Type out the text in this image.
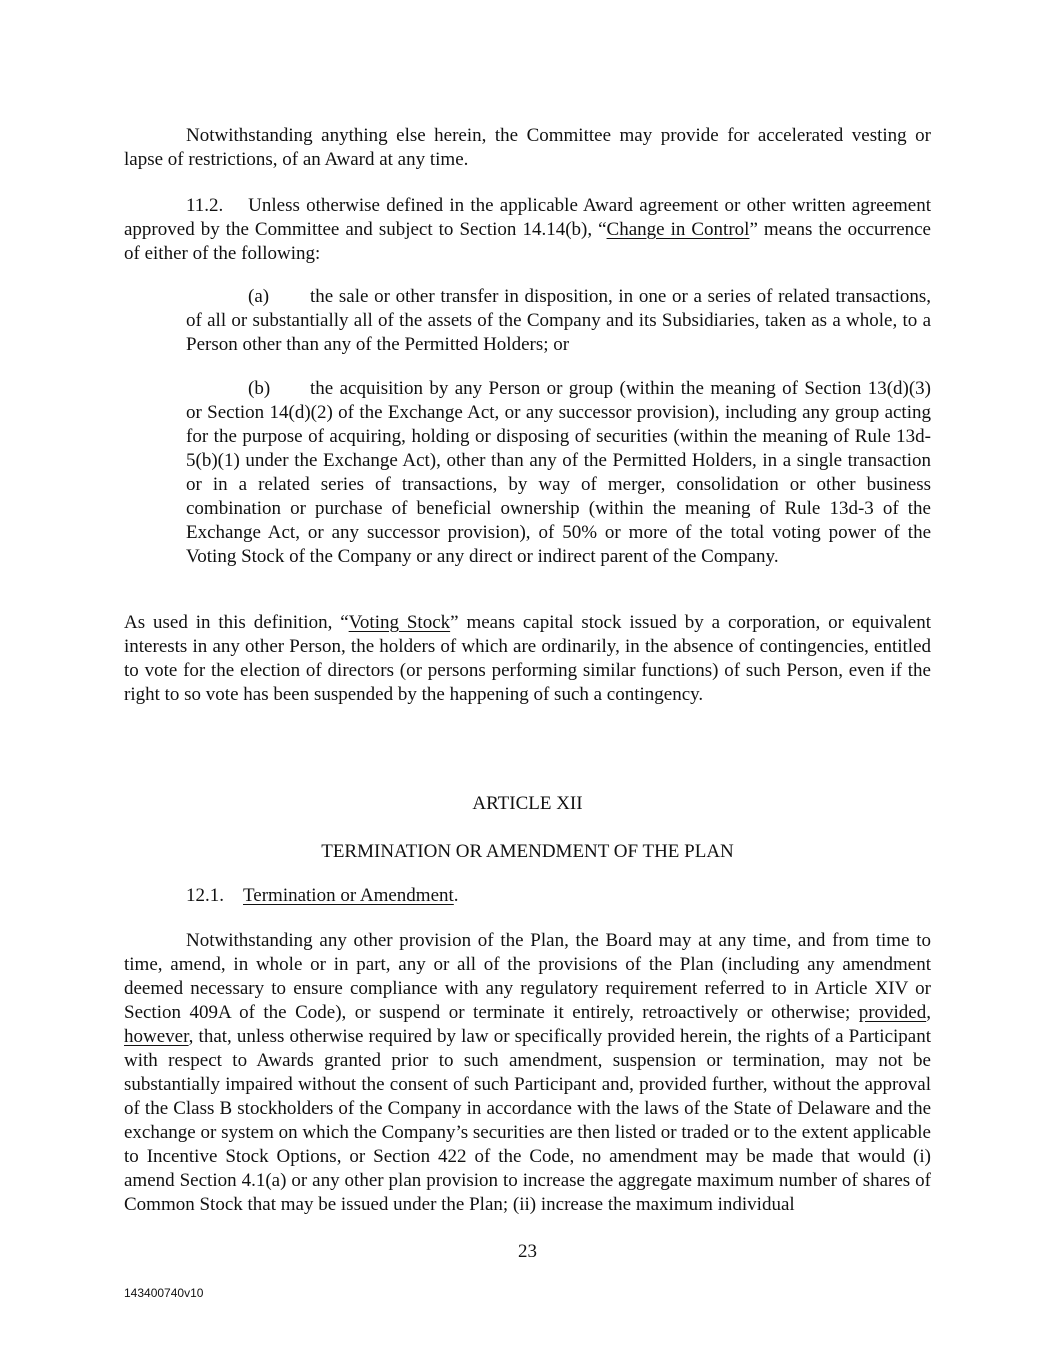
Notwithstanding anything else herein, the Committee may provide for accelerated vesting or lapse of restrictions, of an Award at any time.

11.2. Unless otherwise defined in the applicable Award agreement or other written agreement approved by the Committee and subject to Section 14.14(b), “Change in Control” means the occurrence of either of the following:

(a) the sale or other transfer in disposition, in one or a series of related transactions, of all or substantially all of the assets of the Company and its Subsidiaries, taken as a whole, to a Person other than any of the Permitted Holders; or

(b) the acquisition by any Person or group (within the meaning of Section 13(d)(3) or Section 14(d)(2) of the Exchange Act, or any successor provision), including any group acting for the purpose of acquiring, holding or disposing of securities (within the meaning of Rule 13d-5(b)(1) under the Exchange Act), other than any of the Permitted Holders, in a single transaction or in a related series of transactions, by way of merger, consolidation or other business combination or purchase of beneficial ownership (within the meaning of Rule 13d-3 of the Exchange Act, or any successor provision), of 50% or more of the total voting power of the Voting Stock of the Company or any direct or indirect parent of the Company.

As used in this definition, “Voting Stock” means capital stock issued by a corporation, or equivalent interests in any other Person, the holders of which are ordinarily, in the absence of contingencies, entitled to vote for the election of directors (or persons performing similar functions) of such Person, even if the right to so vote has been suspended by the happening of such a contingency.

ARTICLE XII

TERMINATION OR AMENDMENT OF THE PLAN

12.1. Termination or Amendment.

Notwithstanding any other provision of the Plan, the Board may at any time, and from time to time, amend, in whole or in part, any or all of the provisions of the Plan (including any amendment deemed necessary to ensure compliance with any regulatory requirement referred to in Article XIV or Section 409A of the Code), or suspend or terminate it entirely, retroactively or otherwise; provided, however, that, unless otherwise required by law or specifically provided herein, the rights of a Participant with respect to Awards granted prior to such amendment, suspension or termination, may not be substantially impaired without the consent of such Participant and, provided further, without the approval of the Class B stockholders of the Company in accordance with the laws of the State of Delaware and the exchange or system on which the Company’s securities are then listed or traded or to the extent applicable to Incentive Stock Options, or Section 422 of the Code, no amendment may be made that would (i) amend Section 4.1(a) or any other plan provision to increase the aggregate maximum number of shares of Common Stock that may be issued under the Plan; (ii) increase the maximum individual

23

143400740v10
